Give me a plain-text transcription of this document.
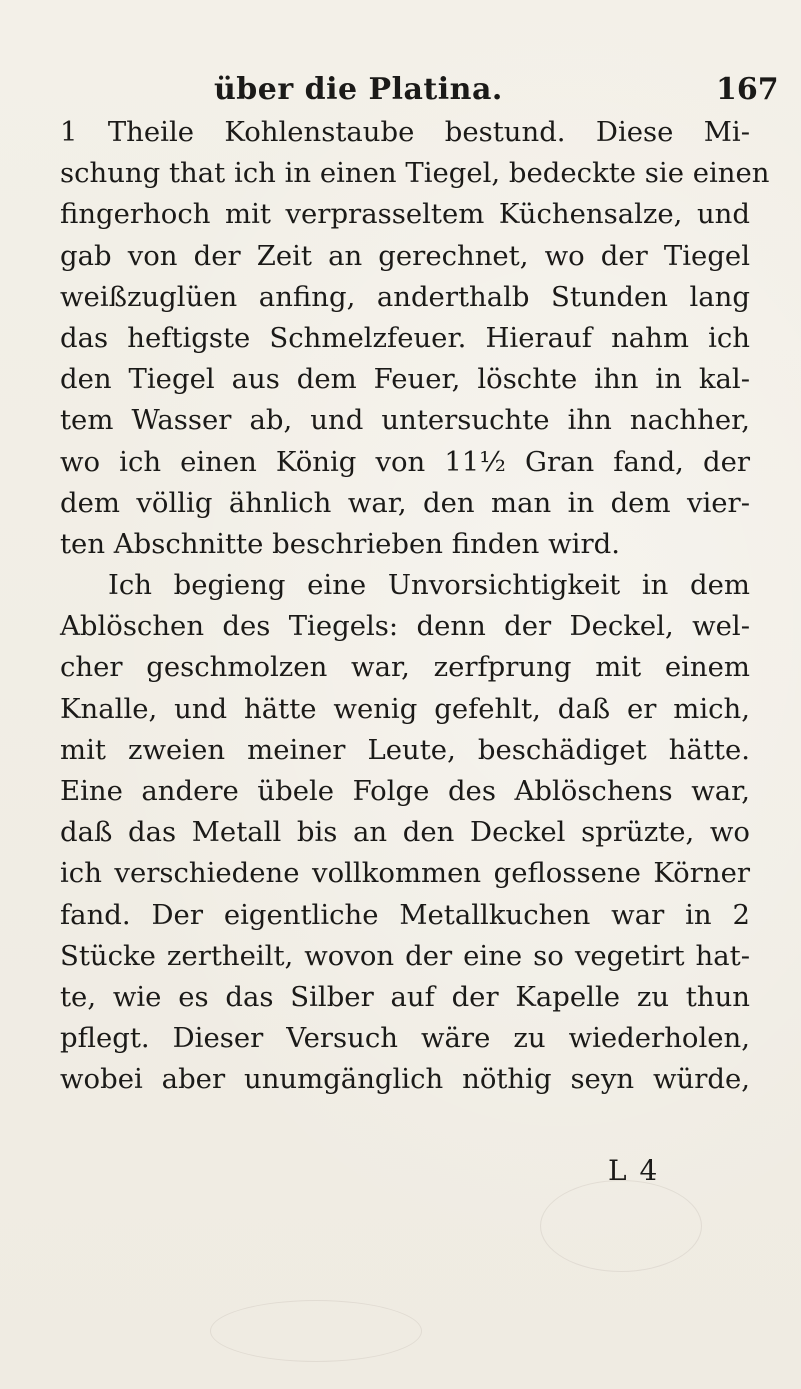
über die Platina.	167
1 Theile Kohlenstaube bestund. Diese Mi-
schung that ich in einen Tiegel, bedeckte sie einen
fingerhoch mit verprasseltem Küchensalze, und
gab von der Zeit an gerechnet, wo der Tiegel
weißzuglüen anfing, anderthalb Stunden lang
das heftigste Schmelzfeuer. Hierauf nahm ich
den Tiegel aus dem Feuer, löschte ihn in kal-
tem Wasser ab, und untersuchte ihn nachher,
wo ich einen König von 11½ Gran fand, der
dem völlig ähnlich war, den man in dem vier-
ten Abschnitte beschrieben finden wird.
Ich begieng eine Unvorsichtigkeit in dem
Ablöschen des Tiegels: denn der Deckel, wel-
cher geschmolzen war, zerfprung mit einem
Knalle, und hätte wenig gefehlt, daß er mich,
mit zweien meiner Leute, beschädiget hätte.
Eine andere übele Folge des Ablöschens war,
daß das Metall bis an den Deckel sprüzte, wo
ich verschiedene vollkommen geflossene Körner
fand. Der eigentliche Metallkuchen war in 2
Stücke zertheilt, wovon der eine so vegetirt hat-
te, wie es das Silber auf der Kapelle zu thun
pflegt. Dieser Versuch wäre zu wiederholen,
wobei aber unumgänglich nöthig seyn würde,
L 4
